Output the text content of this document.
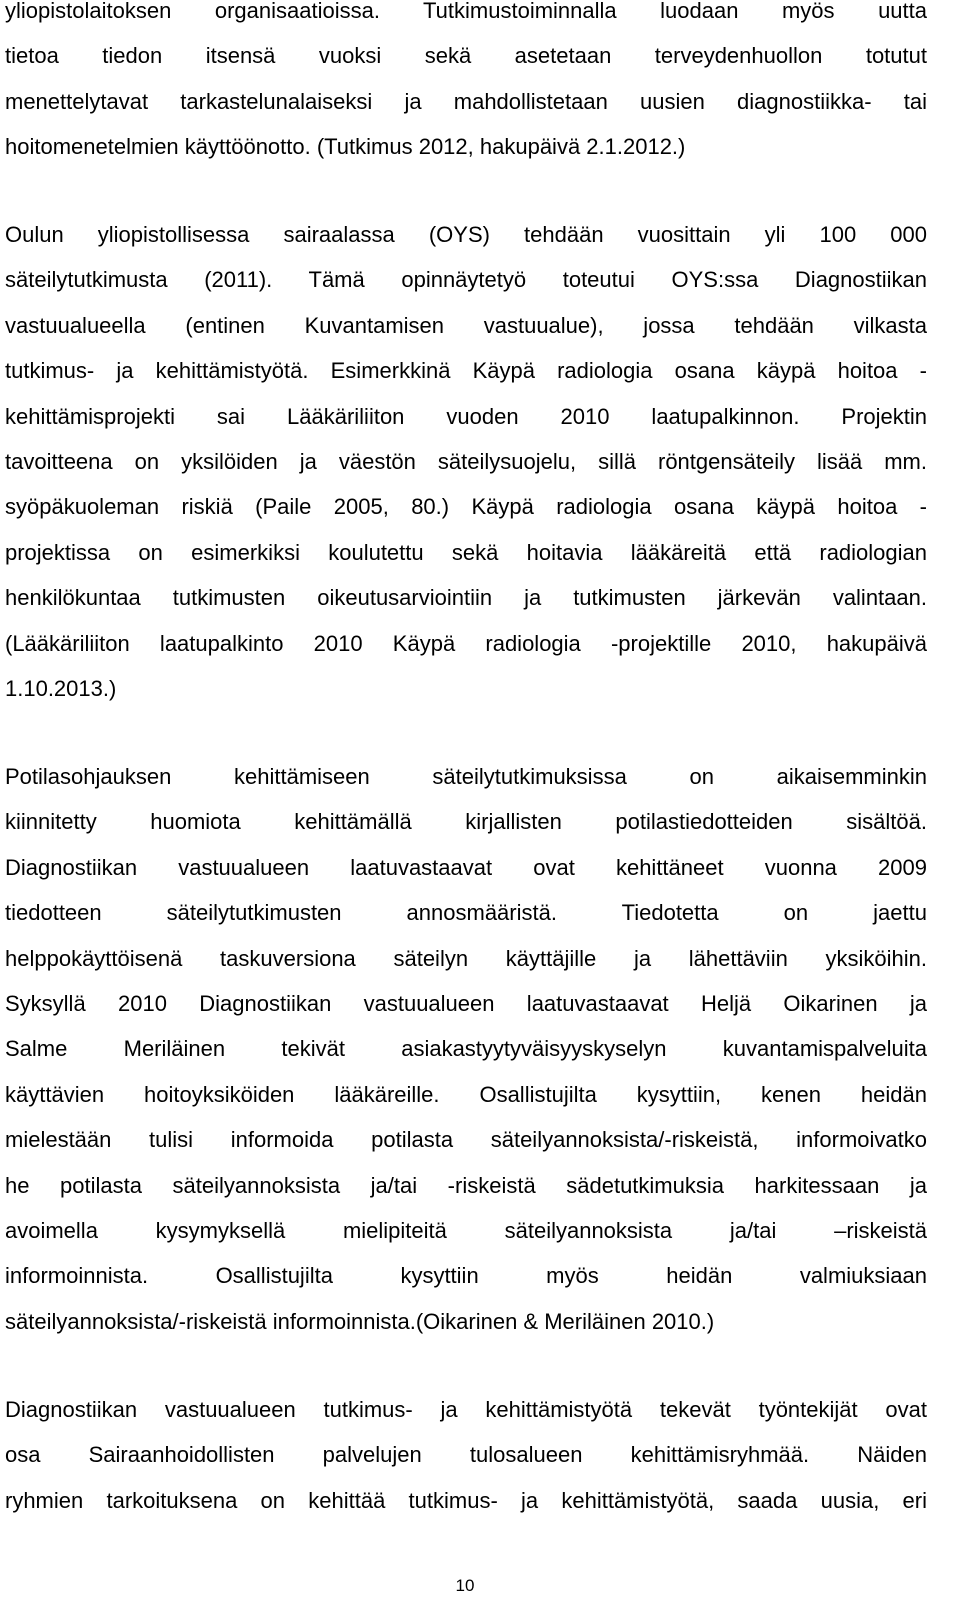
yliopistolaitoksen organisaatioissa. Tutkimustoiminnalla luodaan myös uutta
tietoa tiedon itsensä vuoksi sekä asetetaan terveydenhuollon totutut
menettelytavat tarkastelunalaiseksi ja mahdollistetaan uusien diagnostiikka- tai
hoitomenetelmien käyttöönotto. (Tutkimus 2012, hakupäivä 2.1.2012.)
Oulun yliopistollisessa sairaalassa (OYS) tehdään vuosittain yli 100 000
säteilytutkimusta (2011). Tämä opinnäytetyö toteutui OYS:ssa Diagnostiikan
vastuualueella (entinen Kuvantamisen vastuualue), jossa tehdään vilkasta
tutkimus- ja kehittämistyötä. Esimerkkinä Käypä radiologia osana käypä hoitoa -
kehittämisprojekti sai Lääkäriliiton vuoden 2010 laatupalkinnon. Projektin
tavoitteena on yksilöiden ja väestön säteilysuojelu, sillä röntgensäteily lisää mm.
syöpäkuoleman riskiä (Paile 2005, 80.) Käypä radiologia osana käypä hoitoa -
projektissa on esimerkiksi koulutettu sekä hoitavia lääkäreitä että radiologian
henkilökuntaa tutkimusten oikeutusarviointiin ja tutkimusten järkevän valintaan.
(Lääkäriliiton laatupalkinto 2010 Käypä radiologia -projektille 2010, hakupäivä
1.10.2013.)
Potilasohjauksen kehittämiseen säteilytutkimuksissa on aikaisemminkin
kiinnitetty huomiota kehittämällä kirjallisten potilastiedotteiden sisältöä.
Diagnostiikan vastuualueen laatuvastaavat ovat kehittäneet vuonna 2009
tiedotteen säteilytutkimusten annosmääristä. Tiedotetta on jaettu
helppokäyttöisenä taskuversiona säteilyn käyttäjille ja lähettäviin yksiköihin.
Syksyllä 2010 Diagnostiikan vastuualueen laatuvastaavat Heljä Oikarinen ja
Salme Meriläinen tekivät asiakastyytyväisyyskyselyn kuvantamispalveluita
käyttävien hoitoyksiköiden lääkäreille. Osallistujilta kysyttiin, kenen heidän
mielestään tulisi informoida potilasta säteilyannoksista/-riskeistä, informoivatko
he potilasta säteilyannoksista ja/tai -riskeistä sädetutkimuksia harkitessaan ja
avoimella kysymyksellä mielipiteitä säteilyannoksista ja/tai –riskeistä
informoinnista. Osallistujilta kysyttiin myös heidän valmiuksiaan
säteilyannoksista/-riskeistä informoinnista.(Oikarinen & Meriläinen 2010.)
Diagnostiikan vastuualueen tutkimus- ja kehittämistyötä tekevät työntekijät ovat
osa Sairaanhoidollisten palvelujen tulosalueen kehittämisryhmää. Näiden
ryhmien tarkoituksena on kehittää tutkimus- ja kehittämistyötä, saada uusia, eri
10
